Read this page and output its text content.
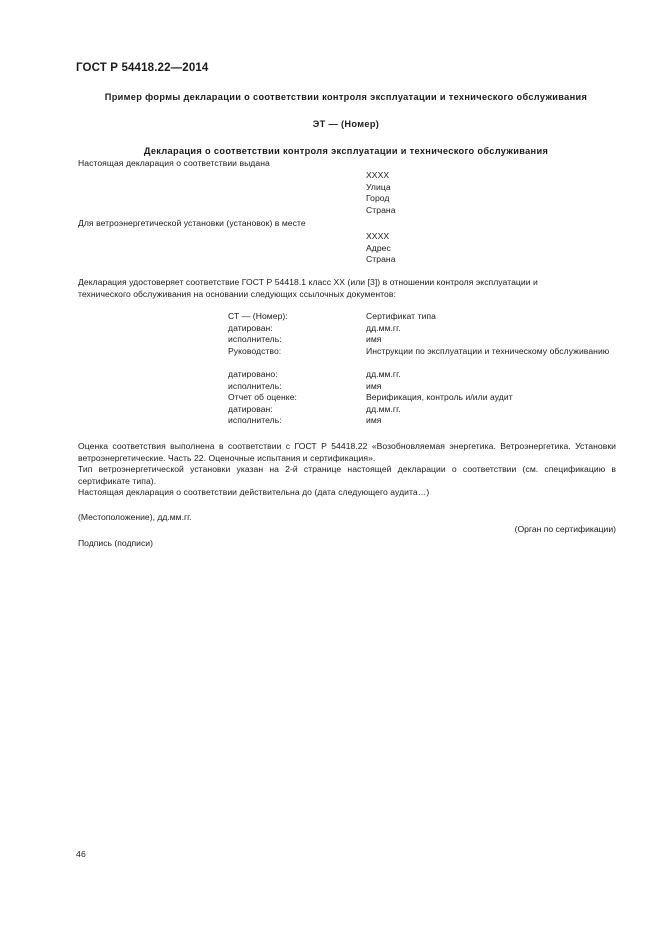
ГОСТ Р 54418.22—2014
Пример формы декларации о соответствии контроля эксплуатации и технического обслуживания
ЭТ — (Номер)
Декларация о соответствии контроля эксплуатации и технического обслуживания
Настоящая декларация о соответствии выдана
XXXX
Улица
Город
Страна
Для ветроэнергетической установки (установок) в месте
XXXX
Адрес
Страна
Декларация удостоверяет соответствие ГОСТ Р 54418.1 класс XX (или [3]) в отношении контроля эксплуатации и
технического обслуживания на основании следующих ссылочных документов:
СТ — (Номер):	Сертификат типа
датирован:	дд.мм.гг.
исполнитель:	имя
Руководство:	Инструкции по эксплуатации и техническому обслуживанию

датировано:	дд.мм.гг.
исполнитель:	имя
Отчет об оценке:	Верификация, контроль и/или аудит
датирован:	дд.мм.гг.
исполнитель:	имя

Оценка соответствия выполнена в соответствии с ГОСТ Р 54418.22 «Возобновляемая энергетика. Ветроэнергетика. Установки ветроэнергетические. Часть 22. Оценочные испытания и сертификация».

Тип ветроэнергетической установки указан на 2-й странице настоящей декларации о соответствии (см. спецификацию в сертификате типа).

Настоящая декларация о соответствии действительна до (дата следующего аудита…)

(Местоположение), дд.мм.гг.
(Орган по сертификации)
Подпись (подписи)
46
